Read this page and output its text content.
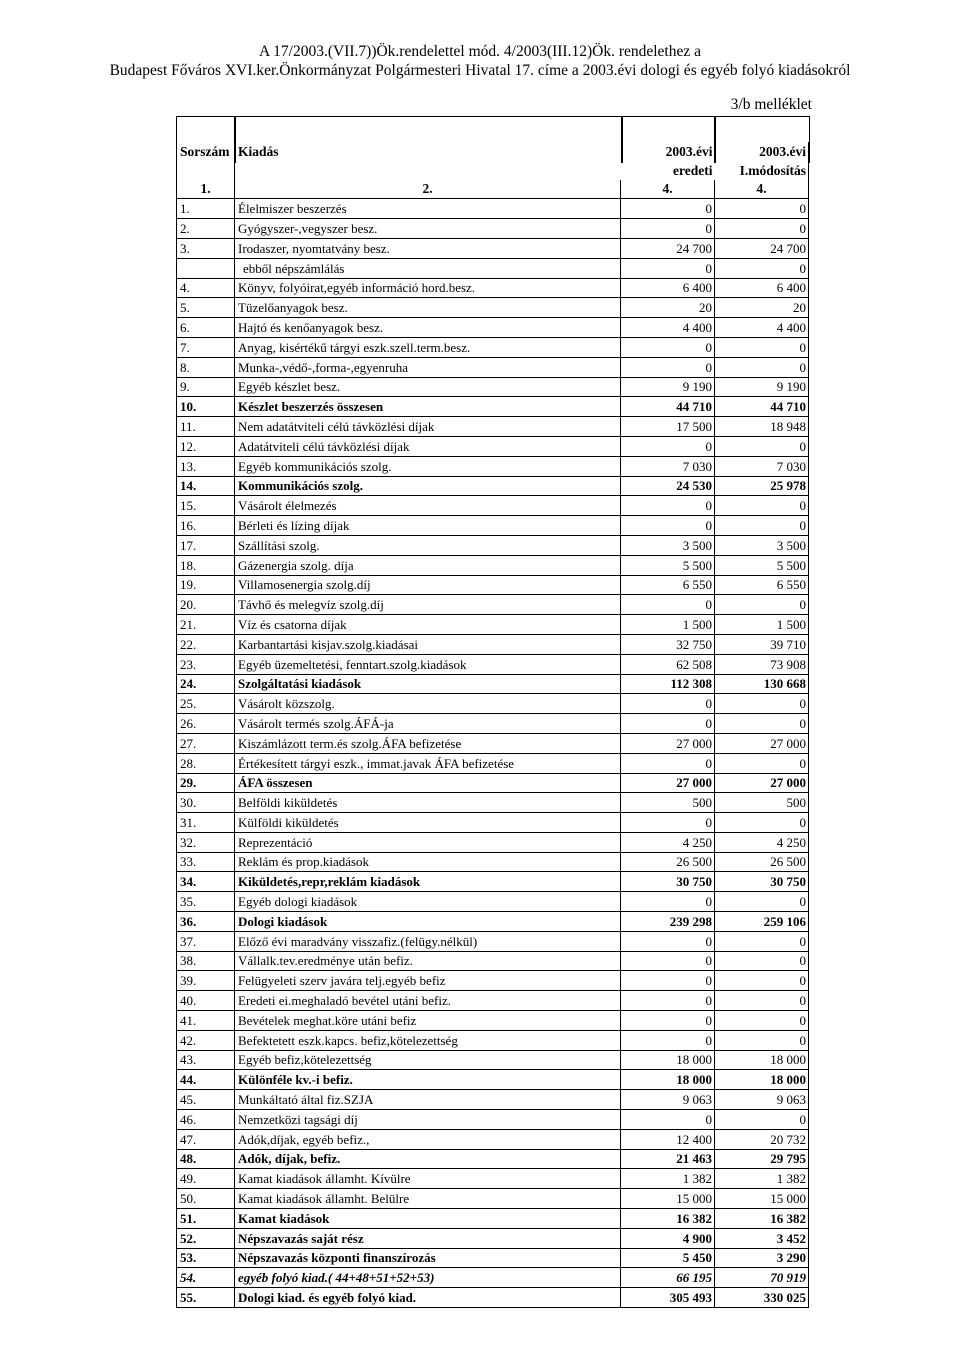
A 17/2003.(VII.7))Ök.rendelettel mód. 4/2003(III.12)Ök. rendelethez a
Budapest Főváros XVI.ker.Önkormányzat Polgármesteri Hivatal 17. címe a 2003.évi dologi és egyéb folyó kiadásokról
3/b melléklet
Sorszám	Kiadás	2003.évi	2003.évi
		eredeti	I.módosítás
1.	2.	4.	4.
1.	Élelmiszer beszerzés	0	0
2.	Gyógyszer-,vegyszer besz.	0	0
3.	Irodaszer, nyomtatvány besz.	24 700	24 700
	ebből népszámlálás	0	0
4.	Könyv, folyóirat,egyéb információ hord.besz.	6 400	6 400
5.	Tüzelőanyagok besz.	20	20
6.	Hajtó és kenőanyagok besz.	4 400	4 400
7.	Anyag, kisértékű tárgyi eszk.szell.term.besz.	0	0
8.	Munka-,védő-,forma-,egyenruha	0	0
9.	Egyéb készlet besz.	9 190	9 190
10.	Készlet beszerzés összesen	44 710	44 710
11.	Nem adatátviteli célú távközlési díjak	17 500	18 948
12.	Adatátviteli célú távközlési díjak	0	0
13.	Egyéb kommunikációs szolg.	7 030	7 030
14.	Kommunikációs szolg.	24 530	25 978
15.	Vásárolt élelmezés	0	0
16.	Bérleti és lízing díjak	0	0
17.	Szállítási szolg.	3 500	3 500
18.	Gázenergia szolg. díja	5 500	5 500
19.	Villamosenergia szolg.díj	6 550	6 550
20.	Távhő és melegvíz szolg.díj	0	0
21.	Víz és csatorna díjak	1 500	1 500
22.	Karbantartási kisjav.szolg.kiadásai	32 750	39 710
23.	Egyéb üzemeltetési, fenntart.szolg.kiadások	62 508	73 908
24.	Szolgáltatási kiadások	112 308	130 668
25.	Vásárolt közszolg.	0	0
26.	Vásárolt termés szolg.ÁFÁ-ja	0	0
27.	Kiszámlázott term.és szolg.ÁFA befizetése	27 000	27 000
28.	Értékesített tárgyi eszk., immat.javak ÁFA befizetése	0	0
29.	ÁFA összesen	27 000	27 000
30.	Belföldi kiküldetés	500	500
31.	Külföldi kiküldetés	0	0
32.	Reprezentáció	4 250	4 250
33.	Reklám és prop.kiadások	26 500	26 500
34.	Kiküldetés,repr,reklám kiadások	30 750	30 750
35.	Egyéb dologi kiadások	0	0
36.	Dologi kiadások	239 298	259 106
37.	Előző évi maradvány visszafiz.(felügy.nélkül)	0	0
38.	Vállalk.tev.eredménye után befiz.	0	0
39.	Felügyeleti szerv javára telj.egyéb befiz	0	0
40.	Eredeti ei.meghaladó bevétel utáni befiz.	0	0
41.	Bevételek meghat.köre utáni befiz	0	0
42.	Befektetett eszk.kapcs. befiz,kötelezettség	0	0
43.	Egyéb befiz,kötelezettség	18 000	18 000
44.	Különféle kv.-i befiz.	18 000	18 000
45.	Munkáltató által fiz.SZJA	9 063	9 063
46.	Nemzetközi tagsági díj	0	0
47.	Adók,díjak, egyéb befiz.,	12 400	20 732
48.	Adók, díjak, befiz.	21 463	29 795
49.	Kamat kiadások államht. Kívülre	1 382	1 382
50.	Kamat kiadások államht. Belülre	15 000	15 000
51.	Kamat kiadások	16 382	16 382
52.	Népszavazás saját rész	4 900	3 452
53.	Népszavazás központi finanszírozás	5 450	3 290
54.	egyéb folyó kiad.( 44+48+51+52+53)	66 195	70 919
55.	Dologi kiad. és egyéb folyó kiad.	305 493	330 025
